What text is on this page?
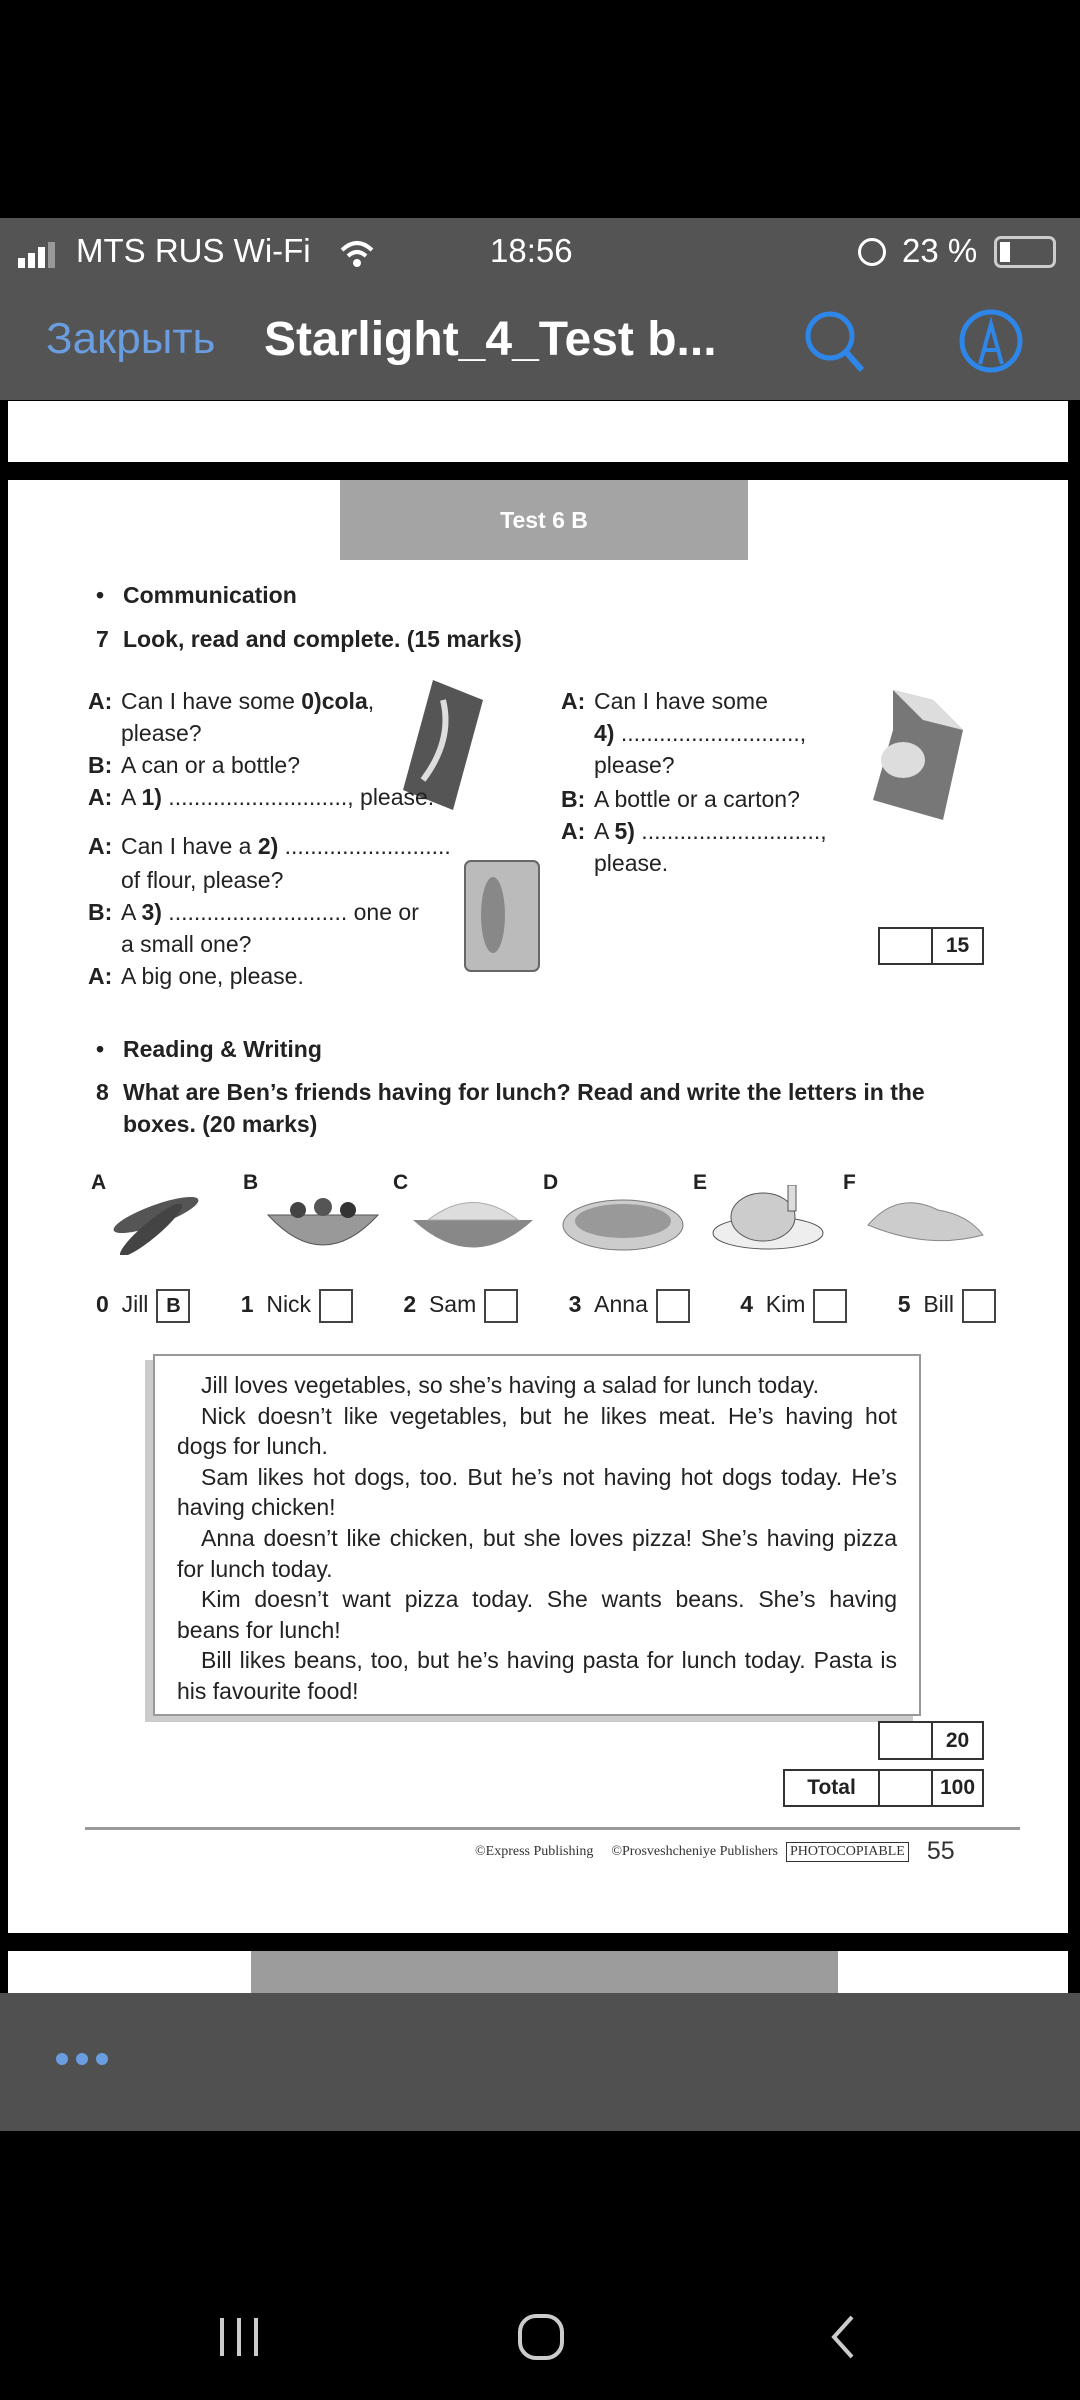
MTS RUS Wi-Fi	18:56	23 %
Закрыть Starlight_4_Test b...
Test 6 B
• Communication
7 Look, read and complete. (15 marks)
15
• Reading & Writing
8 What are Ben’s friends having for lunch? Read and write the letters in the
boxes. (20 marks)
0 Jill B	1 Nick	2 Sam	3 Anna	4 Kim	5 Bill

Jill loves vegetables, so she’s having a salad for lunch today.

Nick doesn’t like vegetables, but he likes meat. He’s having hot dogs for lunch.

Sam likes hot dogs, too. But he’s not having hot dogs today. He’s having chicken!

Anna doesn’t like chicken, but she loves pizza! She’s having pizza for lunch today.

Kim doesn’t want pizza today. She wants beans. She’s having beans for lunch!

Bill likes beans, too, but he’s having pasta for lunch today. Pasta is his favourite food!

20
Total	100
©Express Publishing ©Prosveshcheniye Publishers PHOTOCOPIABLE 55
A: Can I have some 0)cola,
please?
B: A can or a bottle?
A: A 1) ............................, please.
A: Can I have a 2) ..........................
of flour, please?
B: A 3) ............................ one or
a small one?
A: A big one, please.
A: Can I have some
4) ............................,
please?
B: A bottle or a carton?
A: A 5) ............................,
please.
A	B	C	D	E	F
